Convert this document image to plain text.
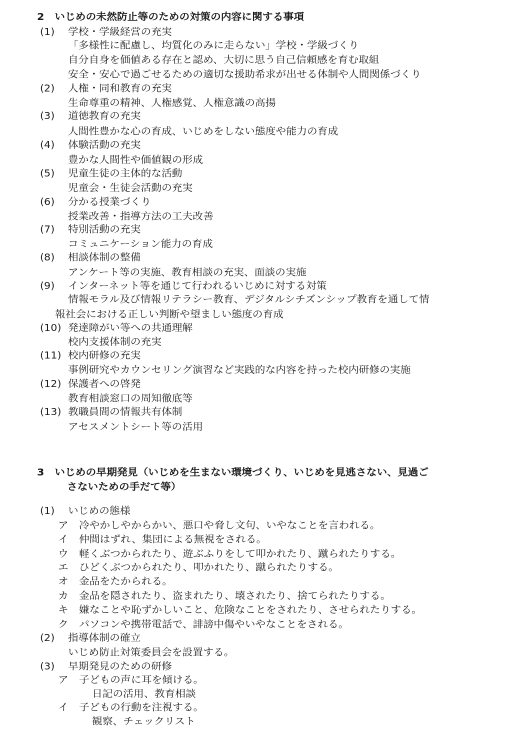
2　いじめの未然防止等のための対策の内容に関する事項
(1) 学校・学級経営の充実
「多様性に配慮し、均質化のみに走らない」学校・学級づくり
自分自身を価値ある存在と認め、大切に思う自己信頼感を育む取組
安全・安心で過ごせるための適切な援助希求が出せる体制や人間関係づくり
(2) 人権・同和教育の充実
生命尊重の精神、人権感覚、人権意識の高揚
(3) 道徳教育の充実
人間性豊かな心の育成、いじめをしない態度や能力の育成
(4) 体験活動の充実
豊かな人間性や価値観の形成
(5) 児童生徒の主体的な活動
児童会・生徒会活動の充実
(6) 分かる授業づくり
授業改善・指導方法の工夫改善
(7) 特別活動の充実
コミュニケーション能力の育成
(8) 相談体制の整備
アンケート等の実施、教育相談の充実、面談の実施
(9) インターネット等を通じて行われるいじめに対する対策
情報モラル及び情報リテラシー教育、デジタルシチズンシップ教育を通して情
報社会における正しい判断や望ましい態度の育成
(10) 発達障がい等への共通理解
校内支援体制の充実
(11) 校内研修の充実
事例研究やカウンセリング演習など実践的な内容を持った校内研修の実施
(12) 保護者への啓発
教育相談窓口の周知徹底等
(13) 教職員間の情報共有体制
アセスメントシート等の活用
3　いじめの早期発見（いじめを生まない環境づくり、いじめを見逃さない、見過ご
さないための手だて等）
(1) いじめの態様
ア 冷やかしやからかい、悪口や脅し文句、いやなことを言われる。
イ 仲間はずれ、集団による無視をされる。
ウ 軽くぶつかられたり、遊ぶふりをして叩かれたり、蹴られたりする。
エ ひどくぶつかられたり、叩かれたり、蹴られたりする。
オ 金品をたかられる。
カ 金品を隠されたり、盗まれたり、壊されたり、捨てられたりする。
キ 嫌なことや恥ずかしいこと、危険なことをされたり、させられたりする。
ク パソコンや携帯電話で、誹謗中傷やいやなことをされる。
(2) 指導体制の確立
いじめ防止対策委員会を設置する。
(3) 早期発見のための研修
ア 子どもの声に耳を傾ける。
日記の活用、教育相談
イ 子どもの行動を注視する。
観察、チェックリスト
